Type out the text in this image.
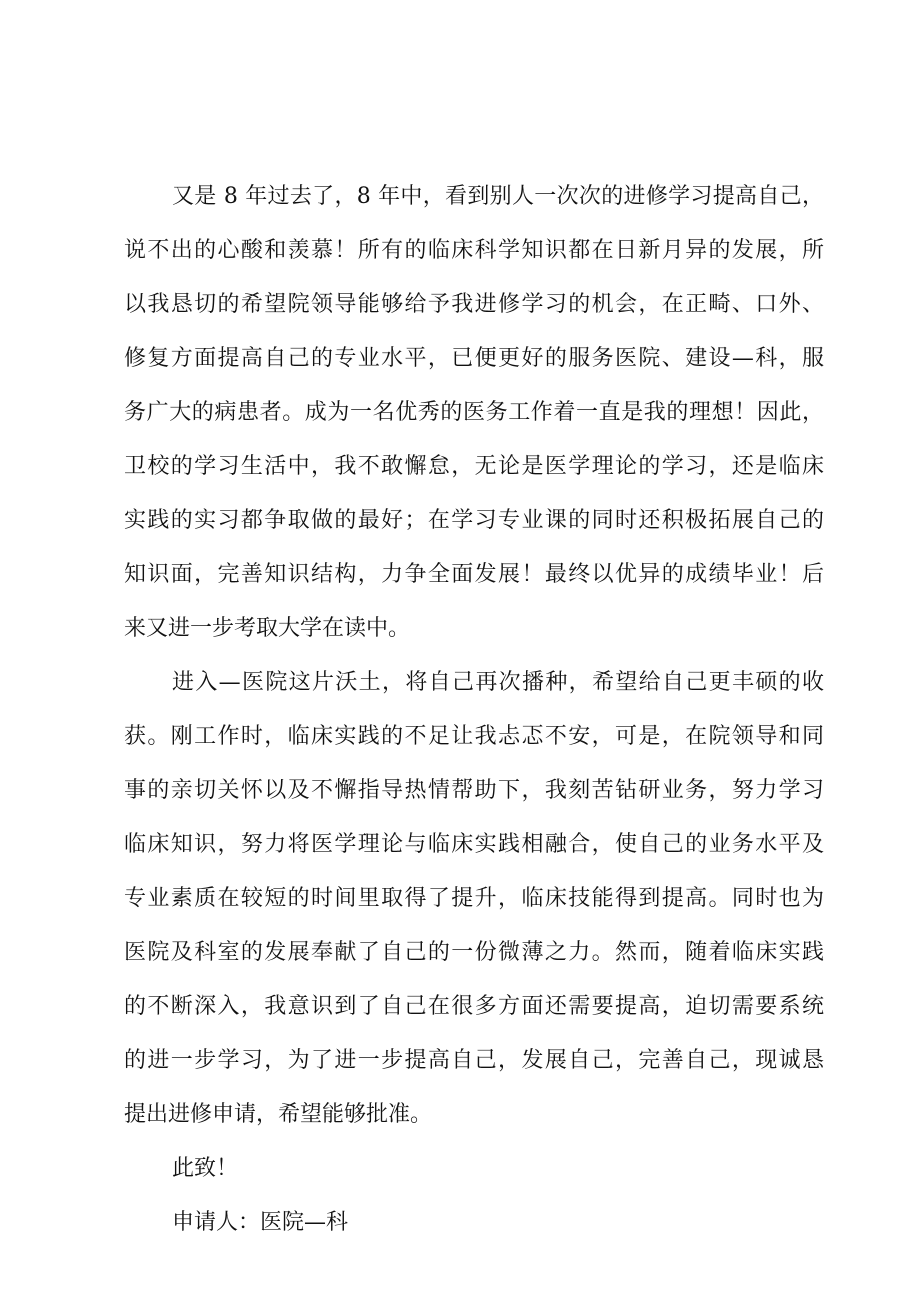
又是 8 年过去了，8 年中，看到别人一次次的进修学习提高自己，
说不出的心酸和羡慕！所有的临床科学知识都在日新月异的发展，所
以我恳切的希望院领导能够给予我进修学习的机会，在正畸、口外、
修复方面提高自己的专业水平，已便更好的服务医院、建设—科，服
务广大的病患者。成为一名优秀的医务工作着一直是我的理想！因此，
卫校的学习生活中，我不敢懈怠，无论是医学理论的学习，还是临床
实践的实习都争取做的最好；在学习专业课的同时还积极拓展自己的
知识面，完善知识结构，力争全面发展！最终以优异的成绩毕业！后
来又进一步考取大学在读中。
进入—医院这片沃土，将自己再次播种，希望给自己更丰硕的收
获。刚工作时，临床实践的不足让我忐忑不安，可是，在院领导和同
事的亲切关怀以及不懈指导热情帮助下，我刻苦钻研业务，努力学习
临床知识，努力将医学理论与临床实践相融合，使自己的业务水平及
专业素质在较短的时间里取得了提升，临床技能得到提高。同时也为
医院及科室的发展奉献了自己的一份微薄之力。然而，随着临床实践
的不断深入，我意识到了自己在很多方面还需要提高，迫切需要系统
的进一步学习，为了进一步提高自己，发展自己，完善自己，现诚恳
提出进修申请，希望能够批准。
此致！
申请人：医院—科
